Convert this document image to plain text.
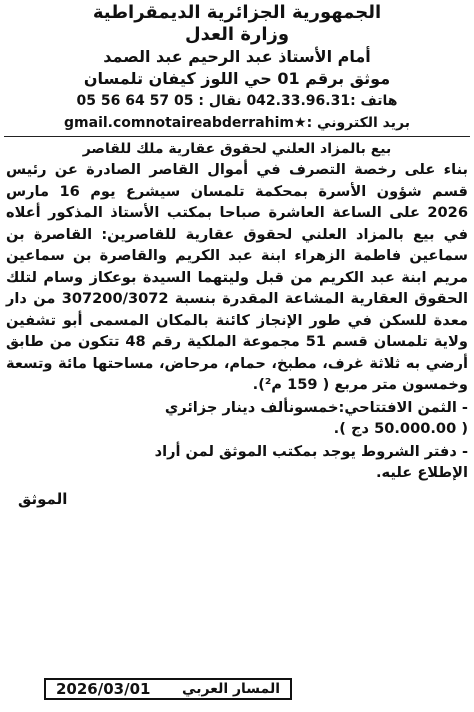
الجمهورية الجزائرية الديمقراطية
وزارة العدل
أمام الأستاذ عبد الرحيم عبد الصمد
موثق برقم 01 حي اللوز كيفان تلمسان
هاتف :042.33.96.31 نقال : 05 57 64 56 05
بريد الكتروني :★gmail.comnotaireabderrahim
بيع بالمزاد العلني لحقوق عقارية ملك للقاصر

بناء على رخصة التصرف في أموال القاصر الصادرة عن رئيس قسم شؤون الأسرة بمحكمة تلمسان سيشرع يوم 16 مارس 2026 على الساعة العاشرة صباحا بمكتب الأستاذ المذكور أعلاه في بيع بالمزاد العلني لحقوق عقارية للقاصرين: القاصرة بن سماعين فاطمة الزهراء ابنة عبد الكريم والقاصرة بن سماعين مريم ابنة عبد الكريم من قبل وليتهما السيدة بوعكاز وسام لتلك الحقوق العقارية المشاعة المقدرة بنسبة 307200/3072 من دار معدة للسكن في طور الإنجاز كائنة بالمكان المسمى أبو تشفين ولاية تلمسان قسم 51 مجموعة الملكية رقم 48 تتكون من طابق أرضي به ثلاثة غرف، مطبخ، حمام، مرحاض، مساحتها مائة وتسعة وخمسون متر مربع ( 159 م²).

- الثمن الافتتاحي:خمسونألف دينار جزائري
( 50.000.00 دج ).
- دفتر الشروط يوجد بمكتب الموثق لمن أراد
الإطلاع عليه.
الموثق
المسار العربي
2026/03/01
